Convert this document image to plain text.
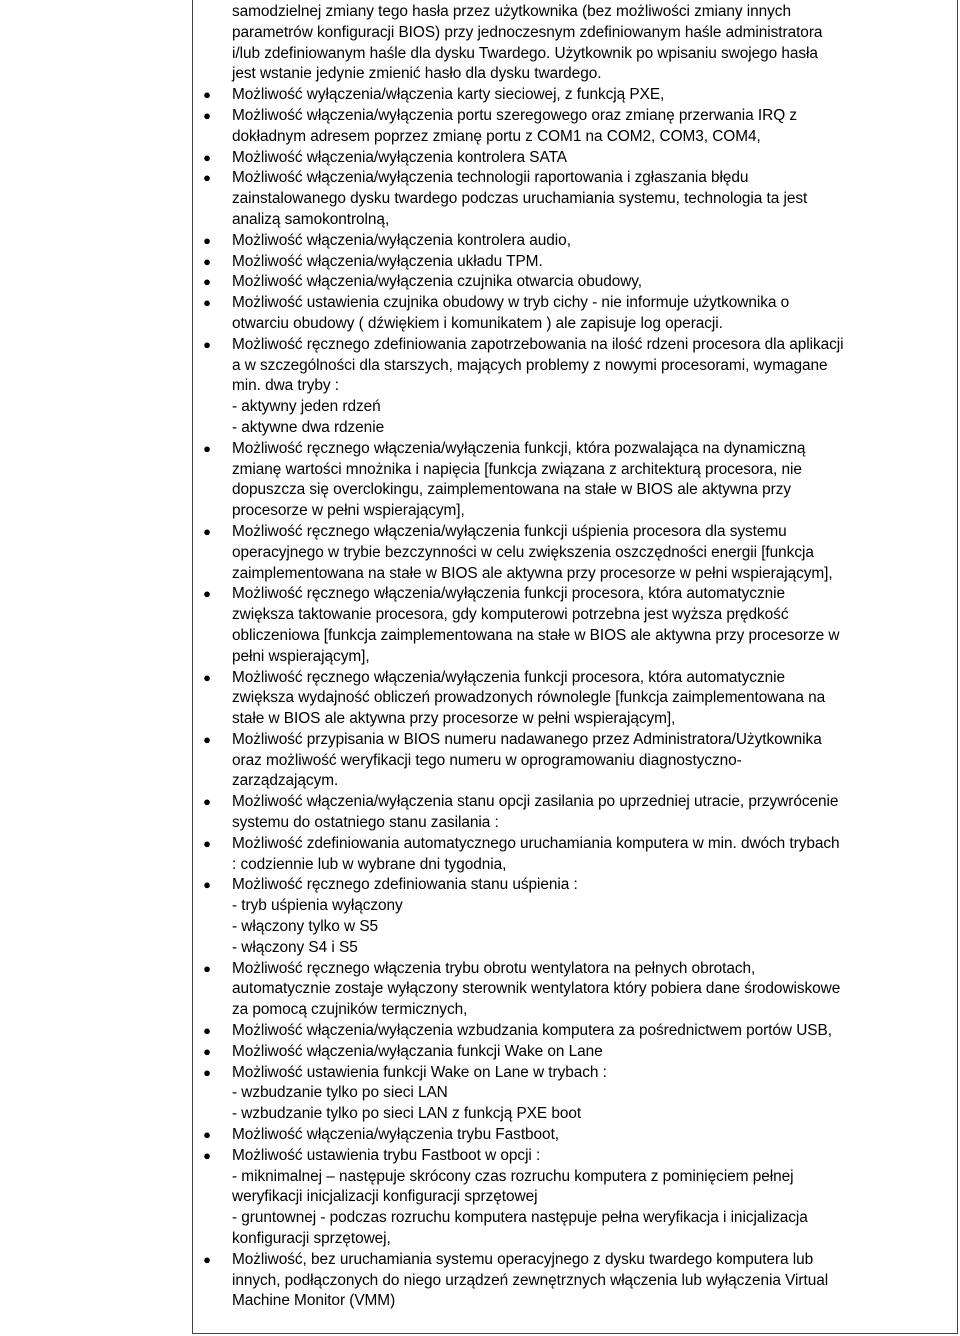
samodzielnej zmiany tego hasła przez użytkownika (bez możliwości zmiany innych

parametrów konfiguracji BIOS) przy jednoczesnym zdefiniowanym haśle administratora

i/lub zdefiniowanym haśle dla dysku Twardego. Użytkownik po wpisaniu swojego hasła

jest wstanie jedynie zmienić hasło dla dysku twardego.

● Możliwość wyłączenia/włączenia karty sieciowej, z funkcją PXE,
● Możliwość włączenia/wyłączenia portu szeregowego oraz zmianę przerwania IRQ z
dokładnym adresem poprzez zmianę portu z COM1 na COM2, COM3, COM4,
● Możliwość włączenia/wyłączenia kontrolera SATA
● Możliwość włączenia/wyłączenia technologii raportowania i zgłaszania błędu
zainstalowanego dysku twardego podczas uruchamiania systemu, technologia ta jest
analizą samokontrolną,
● Możliwość włączenia/wyłączenia kontrolera audio,
● Możliwość włączenia/wyłączenia układu TPM.
● Możliwość włączenia/wyłączenia czujnika otwarcia obudowy,
● Możliwość ustawienia czujnika obudowy w tryb cichy - nie informuje użytkownika o
otwarciu obudowy ( dźwiękiem i komunikatem ) ale zapisuje log operacji.
● Możliwość ręcznego zdefiniowania zapotrzebowania na ilość rdzeni procesora dla aplikacji
a w szczególności dla starszych, mających problemy z nowymi procesorami, wymagane
min. dwa tryby :
- aktywny jeden rdzeń
- aktywne dwa rdzenie
● Możliwość ręcznego włączenia/wyłączenia funkcji, która pozwalająca na dynamiczną
zmianę wartości mnożnika i napięcia [funkcja związana z architekturą procesora, nie
dopuszcza się overclokingu, zaimplementowana na stałe w BIOS ale aktywna przy
procesorze w pełni wspierającym],
● Możliwość ręcznego włączenia/wyłączenia funkcji uśpienia procesora dla systemu
operacyjnego w trybie bezczynności w celu zwiększenia oszczędności energii [funkcja
zaimplementowana na stałe w BIOS ale aktywna przy procesorze w pełni wspierającym],
● Możliwość ręcznego włączenia/wyłączenia funkcji procesora, która automatycznie
zwiększa taktowanie procesora, gdy komputerowi potrzebna jest wyższa prędkość
obliczeniowa [funkcja zaimplementowana na stałe w BIOS ale aktywna przy procesorze w
pełni wspierającym],
● Możliwość ręcznego włączenia/wyłączenia funkcji procesora, która automatycznie
zwiększa wydajność obliczeń prowadzonych równolegle [funkcja zaimplementowana na
stałe w BIOS ale aktywna przy procesorze w pełni wspierającym],
● Możliwość przypisania w BIOS numeru nadawanego przez Administratora/Użytkownika
oraz możliwość weryfikacji tego numeru w oprogramowaniu diagnostyczno-
zarządzającym.
● Możliwość włączenia/wyłączenia stanu opcji zasilania po uprzedniej utracie, przywrócenie
systemu do ostatniego stanu zasilania :
● Możliwość zdefiniowania automatycznego uruchamiania komputera w min. dwóch trybach
: codziennie lub w wybrane dni tygodnia,
● Możliwość ręcznego zdefiniowania stanu uśpienia :
- tryb uśpienia wyłączony
- włączony tylko w S5
- włączony S4 i S5
● Możliwość ręcznego włączenia trybu obrotu wentylatora na pełnych obrotach,
automatycznie zostaje wyłączony sterownik wentylatora który pobiera dane środowiskowe
za pomocą czujników termicznych,
● Możliwość włączenia/wyłączenia wzbudzania komputera za pośrednictwem portów USB,
● Możliwość włączenia/wyłączania funkcji Wake on Lane
● Możliwość ustawienia funkcji Wake on Lane w trybach :
- wzbudzanie tylko po sieci LAN
- wzbudzanie tylko po sieci LAN z funkcją PXE boot
● Możliwość włączenia/wyłączenia trybu Fastboot,
● Możliwość ustawienia trybu Fastboot w opcji :
- miknimalnej – następuje skrócony czas rozruchu komputera z pominięciem pełnej
weryfikacji inicjalizacji konfiguracji sprzętowej
- gruntownej - podczas rozruchu komputera następuje pełna weryfikacja i inicjalizacja
konfiguracji sprzętowej,
● Możliwość, bez uruchamiania systemu operacyjnego z dysku twardego komputera lub
innych, podłączonych do niego urządzeń zewnętrznych włączenia lub wyłączenia Virtual
Machine Monitor (VMM)
